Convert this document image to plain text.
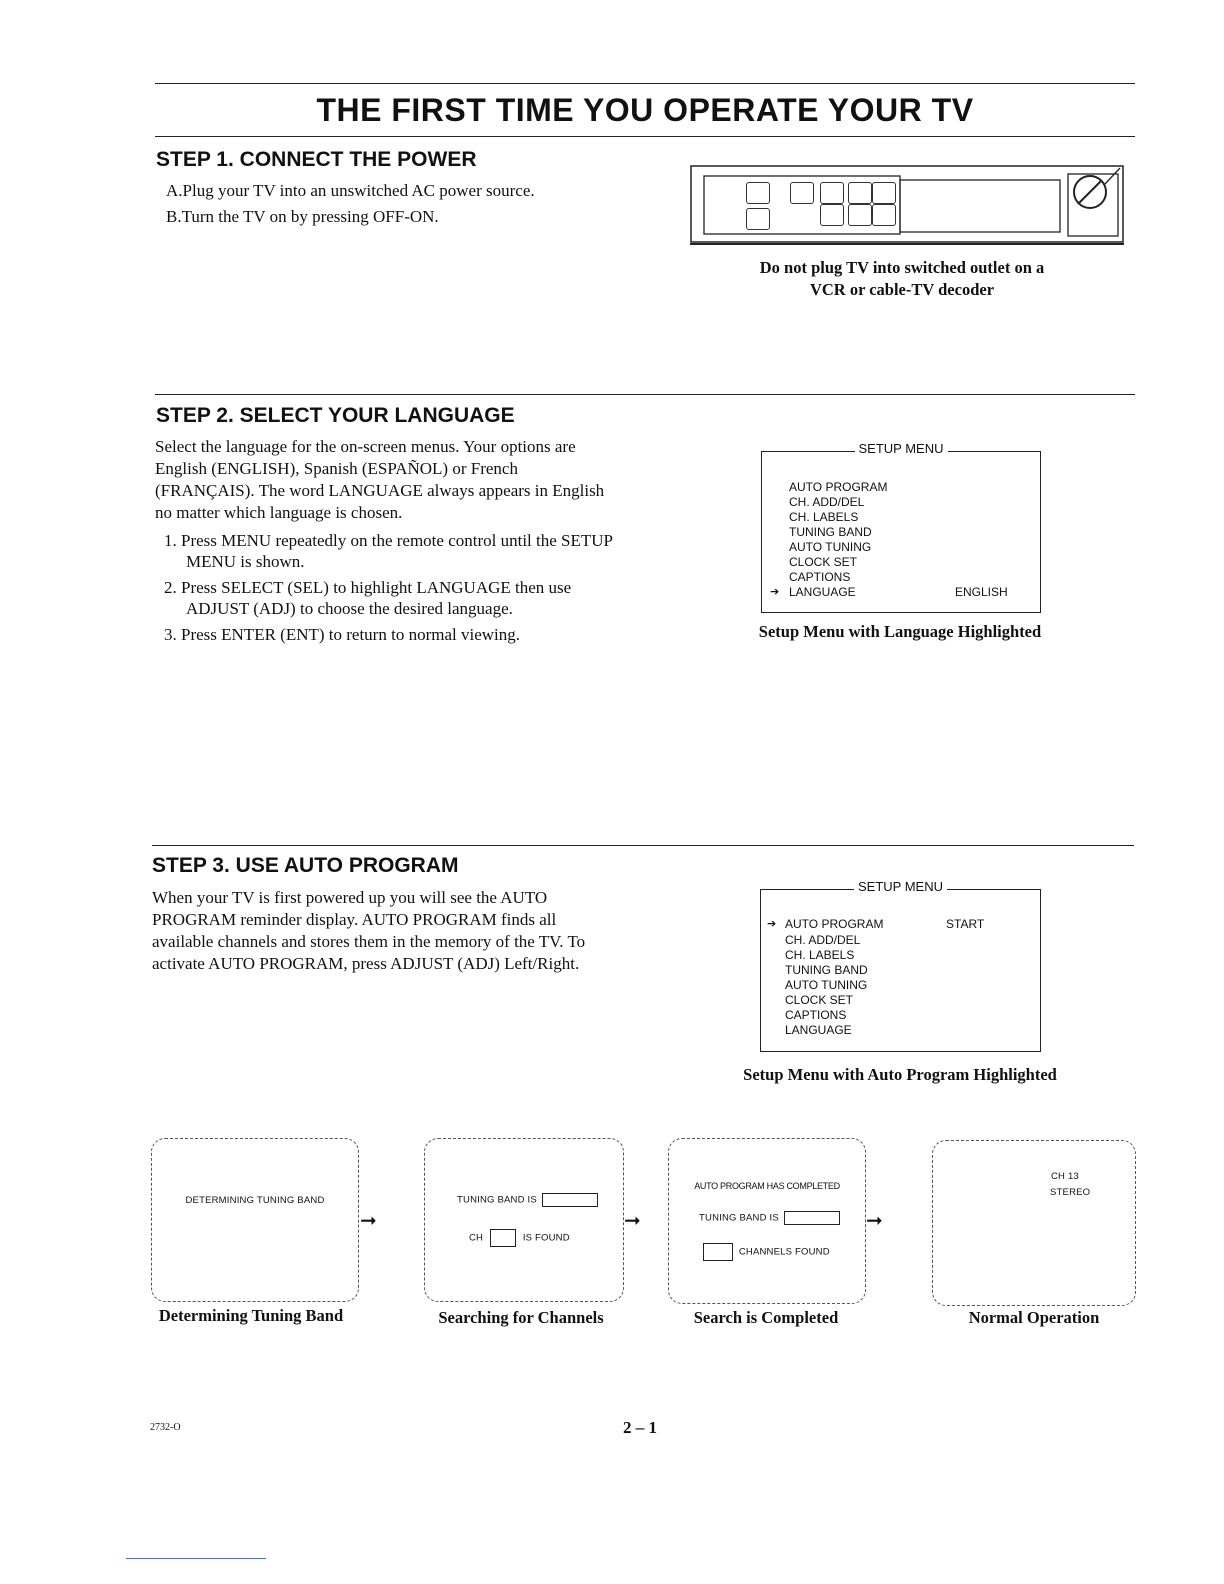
THE FIRST TIME YOU OPERATE YOUR TV
STEP 1. CONNECT THE POWER
A.Plug your TV into an unswitched AC power source.
B.Turn the TV on by pressing OFF-ON.
Do not plug TV into switched outlet on a
VCR or cable-TV decoder
STEP 2. SELECT YOUR LANGUAGE
Select the language for the on-screen menus. Your options are English (ENGLISH), Spanish (ESPAÑOL) or French (FRANÇAIS). The word LANGUAGE always appears in English no matter which language is chosen.
1. Press MENU repeatedly on the remote control until the SETUP MENU is shown.
2. Press SELECT (SEL) to highlight LANGUAGE then use ADJUST (ADJ) to choose the desired language.
3. Press ENTER (ENT) to return to normal viewing.
SETUP MENU
AUTO PROGRAM
CH. ADD/DEL
CH. LABELS
TUNING BAND
AUTO TUNING
CLOCK SET
CAPTIONS
➔ LANGUAGE	ENGLISH
Setup Menu with Language Highlighted
STEP 3. USE AUTO PROGRAM
When your TV is first powered up you will see the AUTO PROGRAM reminder display. AUTO PROGRAM finds all available channels and stores them in the memory of the TV. To activate AUTO PROGRAM, press ADJUST (ADJ) Left/Right.
SETUP MENU
➔ AUTO PROGRAM	START
CH. ADD/DEL
CH. LABELS
TUNING BAND
AUTO TUNING
CLOCK SET
CAPTIONS
LANGUAGE
Setup Menu with Auto Program Highlighted
DETERMINING TUNING BAND
➞
Determining Tuning Band
TUNING BAND IS
CH	IS FOUND
➞
Searching for Channels
AUTO PROGRAM HAS COMPLETED
TUNING BAND IS
CHANNELS FOUND
➞
Search is Completed
CH 13
STEREO
Normal Operation
2732-O	2 – 1
